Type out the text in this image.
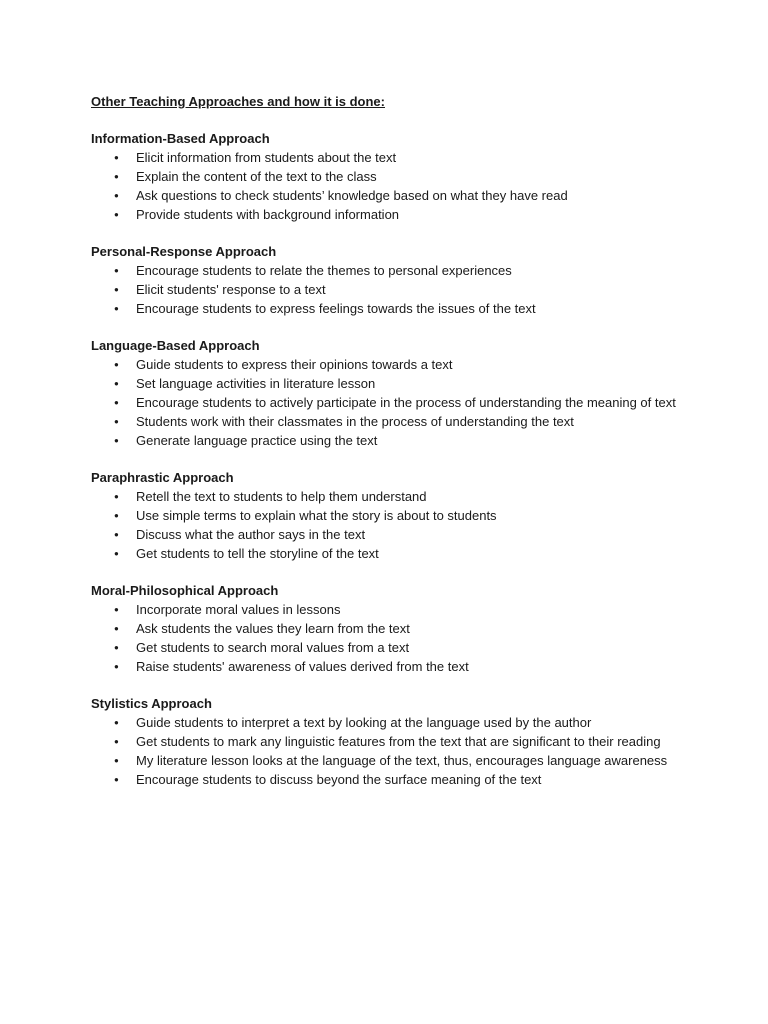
Other Teaching Approaches and how it is done:

Information-Based Approach

● Elicit information from students about the text
● Explain the content of the text to the class
● Ask questions to check students’ knowledge based on what they have read
● Provide students with background information

Personal-Response Approach

● Encourage students to relate the themes to personal experiences
● Elicit students' response to a text
● Encourage students to express feelings towards the issues of the text

Language-Based Approach

● Guide students to express their opinions towards a text
● Set language activities in literature lesson
● Encourage students to actively participate in the process of understanding the meaning of text
● Students work with their classmates in the process of understanding the text
● Generate language practice using the text

Paraphrastic Approach

● Retell the text to students to help them understand
● Use simple terms to explain what the story is about to students
● Discuss what the author says in the text
● Get students to tell the storyline of the text

Moral-Philosophical Approach

● Incorporate moral values in lessons
● Ask students the values they learn from the text
● Get students to search moral values from a text
● Raise students' awareness of values derived from the text

Stylistics Approach

● Guide students to interpret a text by looking at the language used by the author
● Get students to mark any linguistic features from the text that are significant to their reading
● My literature lesson looks at the language of the text, thus, encourages language awareness
● Encourage students to discuss beyond the surface meaning of the text
